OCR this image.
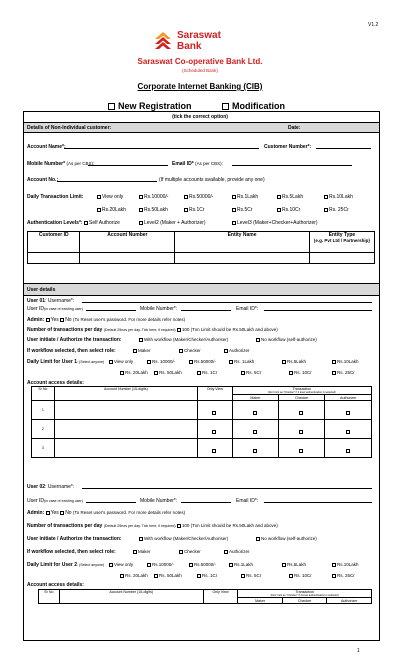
V1.2
Saraswat
Bank
Saraswat Co-operative Bank Ltd.
(Scheduled Bank)
Corporate Internet Banking (CIB)
New Registration	Modification
(tick the correct option)
Details of Non-Individual customer:	Date:
Account Name*:	Customer Number*:
Mobile Number* (As per CBS):	Email ID* (As per CBS):
Account No.:	(If multiple accounts available, provide any one)
Daily Transaction Limit:	View only	Rs.10000/-	Rs.50000/-	Rs.1Lakh	Rs.5Lakh	Rs.10Lakh
Rs.20Lakh	Rs.50Lakh	Rs.1Cr	Rs.5Cr	Rs.10Cr	Rs. 25Cr
Authentication Levels*:	Self Authorize	Level2 (Maker + Authorizer)	Level3 (Maker+Checker+Authorizer)
Customer ID	Account Number	Entity Name	Entity Type
(e.g. Pvt Ltd / Partnership)

User details
User 01: Username*:
User ID(in case of existing user)	Mobile Number*:	Email ID*:
Admin: Yes No (To Reset user's password. For more details refer notes)
Number of transactions per day (Default 25nos per day. Tick here, if required) 100 (Txn Limit should be Rs.50Lakh and above)
User initiate / Authorize the transaction:	With workflow (Maker/Checker/Authoriser)	No workflow (self-authorize)
If workflow selected, then select role:	Maker	Checker	Authorizer
Daily Limit for User 1: (Select anyone)	View only	Rs. 10000/-	Rs.50000/-	Rs. 1Lakh	Rs.5Lakh	Rs.10Lakh
Rs. 20Lakh	Rs. 50Lakh	Rs. 1Cr	Rs. 5Cr	Rs. 10Cr	Rs. 25Cr
Account access details:
Sr No	Account Number (15-digits)	Only View	Transaction
(Don't tick as "Checker" if 2 level authentication is selected)		

			Maker	Checker	Authorizer
1					
2					
3					
User 02: Username*:
User ID(in case of existing user)	Mobile Number*:	Email ID*:
Admin: Yes No (To Reset user's password. For more details refer notes)
Number of transactions per day (Default 25nos per day. Tick here, if required) 100 (Txn Limit should be Rs.50Lakh and above)
User initiate / Authorize the transaction:	With workflow (Maker/Checker/Authoriser)	No workflow (self-authorize)
If workflow selected, then select role:	Maker	Checker	Authorizer
Daily Limit for User 2: (Select anyone)	View only	Rs.10000/-	Rs.50000/-	Rs.1Lakh	Rs.5Lakh	Rs.10Lakh
Rs. 20Lakh	Rs. 50Lakh	Rs. 1Cr	Rs. 5Cr	Rs. 10Cr	Rs. 25Cr
Account access details:
Sr No	Account Number (15-digits)	Only View	Transaction
(Don't tick as "Checker" if 2 level authentication is selected)		

			Maker	Checker	Authorizer
1
